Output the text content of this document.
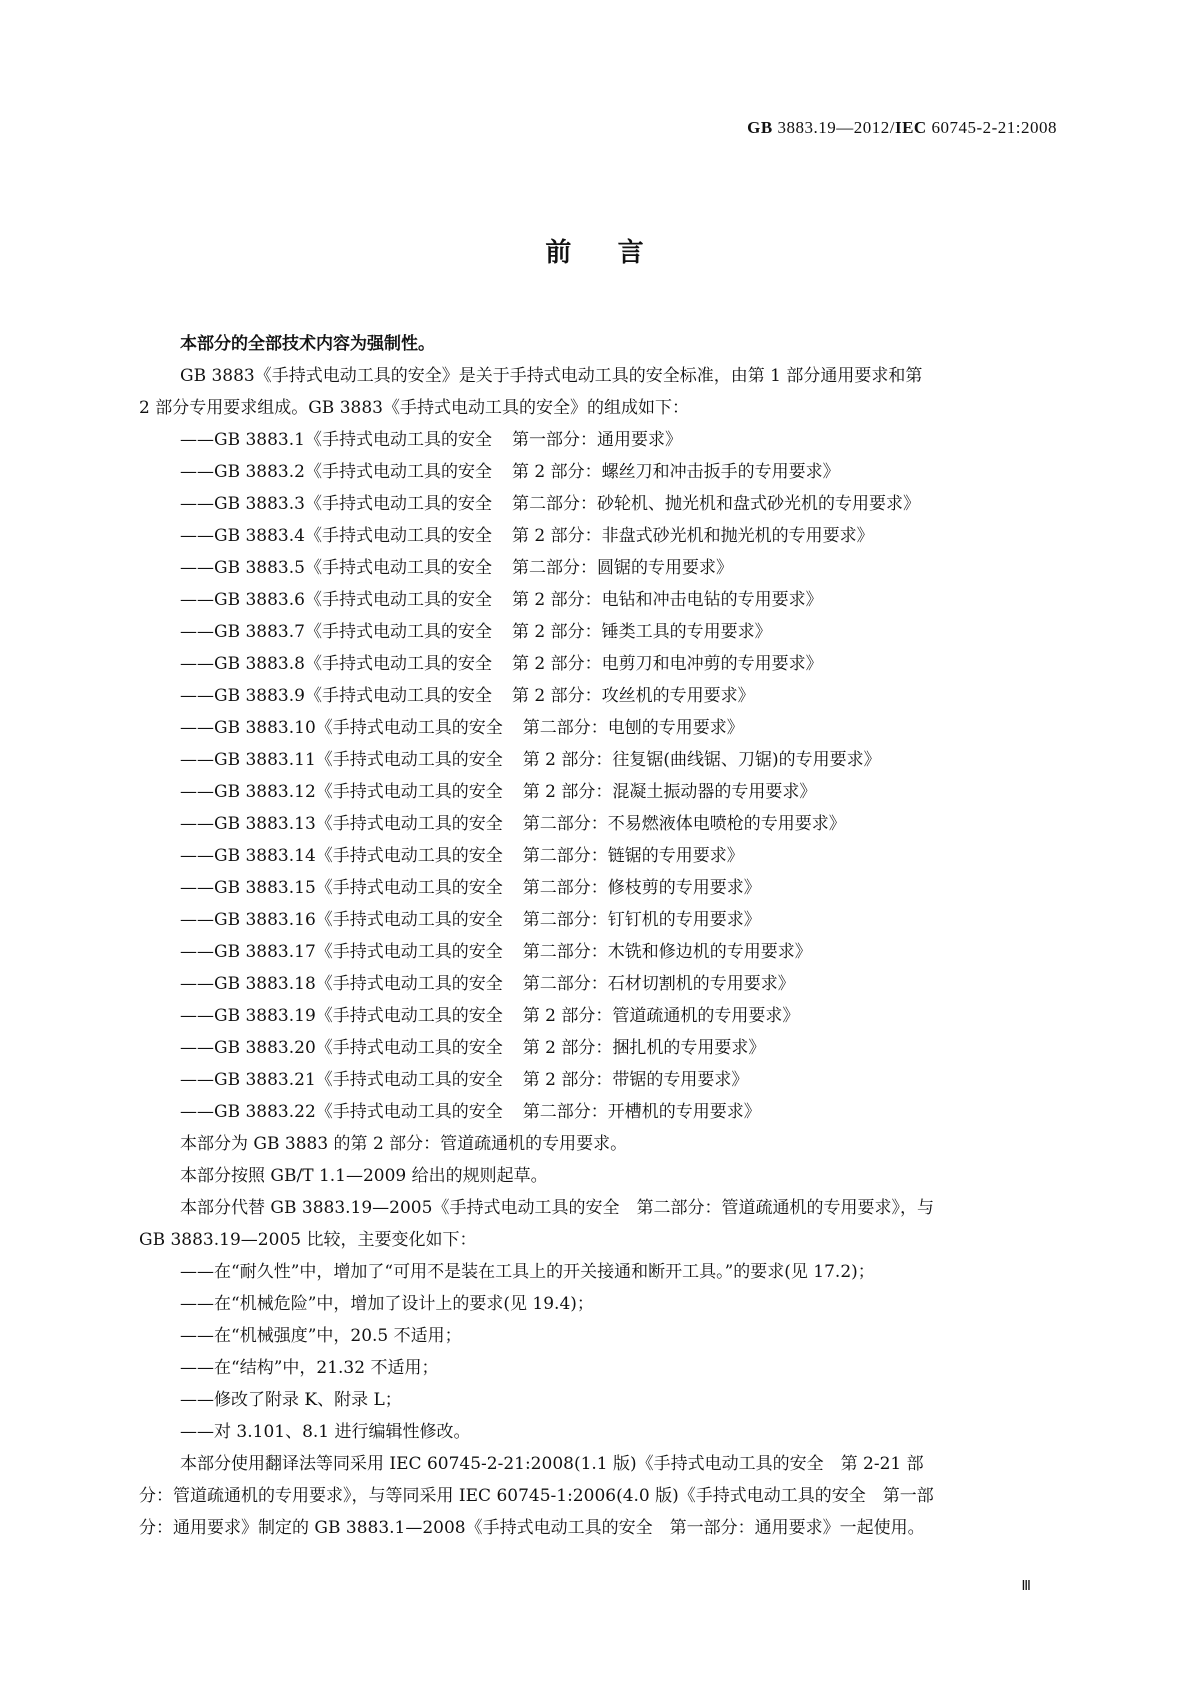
GB 3883.19—2012/IEC 60745-2-21:2008
前    言
本部分的全部技术内容为强制性。
GB 3883《手持式电动工具的安全》是关于手持式电动工具的安全标准，由第 1 部分通用要求和第
2 部分专用要求组成。GB 3883《手持式电动工具的安全》的组成如下：
——GB 3883.1《手持式电动工具的安全 第一部分：通用要求》
——GB 3883.2《手持式电动工具的安全 第 2 部分：螺丝刀和冲击扳手的专用要求》
——GB 3883.3《手持式电动工具的安全 第二部分：砂轮机、抛光机和盘式砂光机的专用要求》
——GB 3883.4《手持式电动工具的安全 第 2 部分：非盘式砂光机和抛光机的专用要求》
——GB 3883.5《手持式电动工具的安全 第二部分：圆锯的专用要求》
——GB 3883.6《手持式电动工具的安全 第 2 部分：电钻和冲击电钻的专用要求》
——GB 3883.7《手持式电动工具的安全 第 2 部分：锤类工具的专用要求》
——GB 3883.8《手持式电动工具的安全 第 2 部分：电剪刀和电冲剪的专用要求》
——GB 3883.9《手持式电动工具的安全 第 2 部分：攻丝机的专用要求》
——GB 3883.10《手持式电动工具的安全 第二部分：电刨的专用要求》
——GB 3883.11《手持式电动工具的安全 第 2 部分：往复锯(曲线锯、刀锯)的专用要求》
——GB 3883.12《手持式电动工具的安全 第 2 部分：混凝土振动器的专用要求》
——GB 3883.13《手持式电动工具的安全 第二部分：不易燃液体电喷枪的专用要求》
——GB 3883.14《手持式电动工具的安全 第二部分：链锯的专用要求》
——GB 3883.15《手持式电动工具的安全 第二部分：修枝剪的专用要求》
——GB 3883.16《手持式电动工具的安全 第二部分：钉钉机的专用要求》
——GB 3883.17《手持式电动工具的安全 第二部分：木铣和修边机的专用要求》
——GB 3883.18《手持式电动工具的安全 第二部分：石材切割机的专用要求》
——GB 3883.19《手持式电动工具的安全 第 2 部分：管道疏通机的专用要求》
——GB 3883.20《手持式电动工具的安全 第 2 部分：捆扎机的专用要求》
——GB 3883.21《手持式电动工具的安全 第 2 部分：带锯的专用要求》
——GB 3883.22《手持式电动工具的安全 第二部分：开槽机的专用要求》
本部分为 GB 3883 的第 2 部分：管道疏通机的专用要求。
本部分按照 GB/T 1.1—2009 给出的规则起草。
本部分代替 GB 3883.19—2005《手持式电动工具的安全　第二部分：管道疏通机的专用要求》，与
GB 3883.19—2005 比较，主要变化如下：
——在“耐久性”中，增加了“可用不是装在工具上的开关接通和断开工具。”的要求(见 17.2)；
——在“机械危险”中，增加了设计上的要求(见 19.4)；
——在“机械强度”中，20.5 不适用；
——在“结构”中，21.32 不适用；
——修改了附录 K、附录 L；
——对 3.101、8.1 进行编辑性修改。
本部分使用翻译法等同采用 IEC 60745-2-21:2008(1.1 版)《手持式电动工具的安全　第 2-21 部
分：管道疏通机的专用要求》，与等同采用 IEC 60745-1:2006(4.0 版)《手持式电动工具的安全　第一部
分：通用要求》制定的 GB 3883.1—2008《手持式电动工具的安全　第一部分：通用要求》一起使用。
Ⅲ
